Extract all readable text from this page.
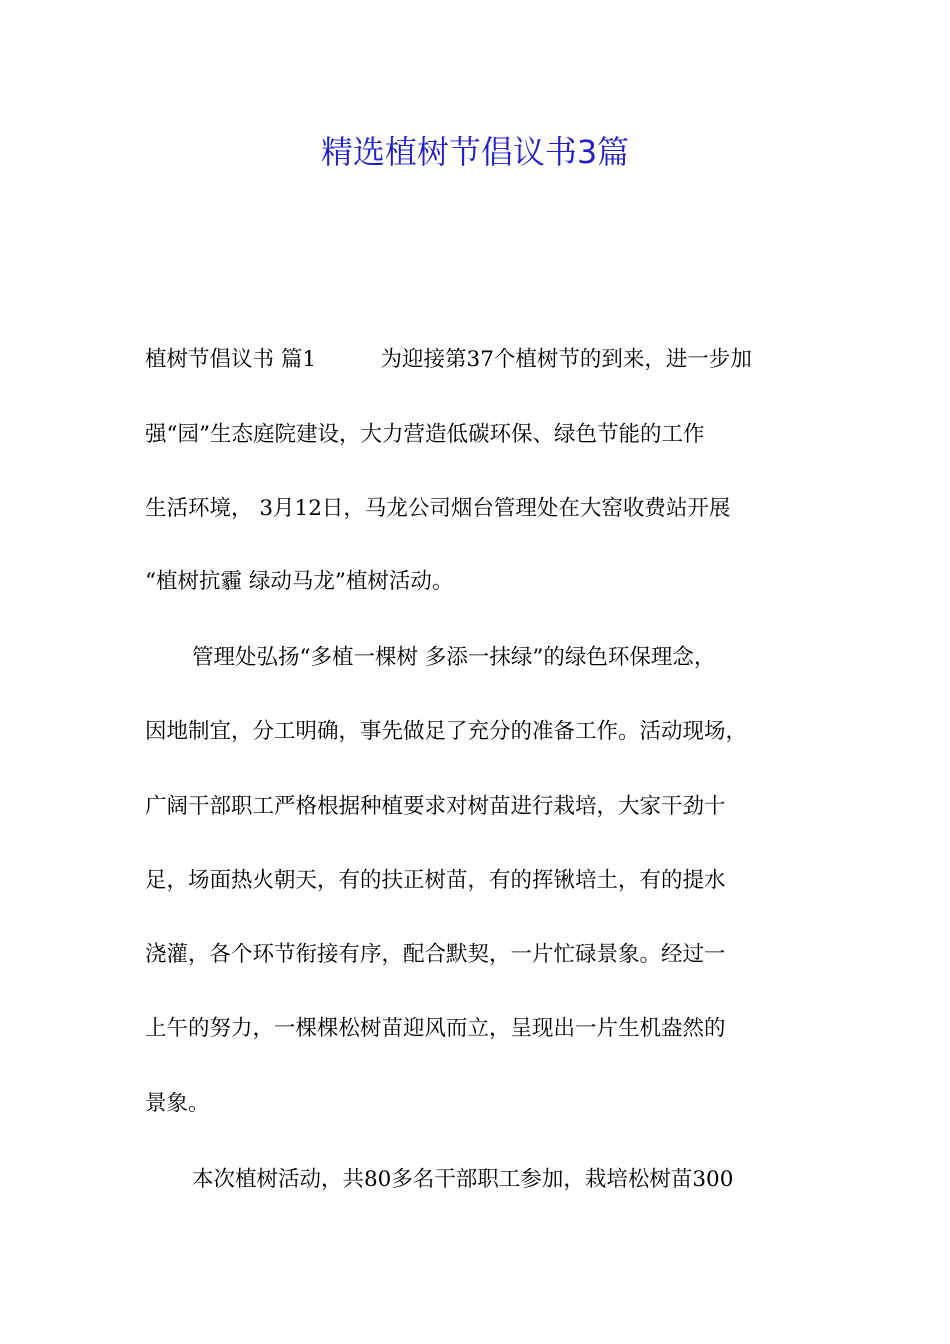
精选植树节倡议书3篇
植树节倡议书 篇1　　　为迎接第37个植树节的到来，进一步加
强“园”生态庭院建设，大力营造低碳环保、绿色节能的工作
生活环境， 3月12日，马龙公司烟台管理处在大窑收费站开展
“植树抗霾 绿动马龙”植树活动。
管理处弘扬“多植一棵树 多添一抹绿”的绿色环保理念，
因地制宜，分工明确，事先做足了充分的准备工作。活动现场，
广阔干部职工严格根据种植要求对树苗进行栽培，大家干劲十
足，场面热火朝天，有的扶正树苗，有的挥锹培土，有的提水
浇灌，各个环节衔接有序，配合默契，一片忙碌景象。经过一
上午的努力，一棵棵松树苗迎风而立，呈现出一片生机盎然的
景象。
本次植树活动，共80多名干部职工参加，栽培松树苗300
